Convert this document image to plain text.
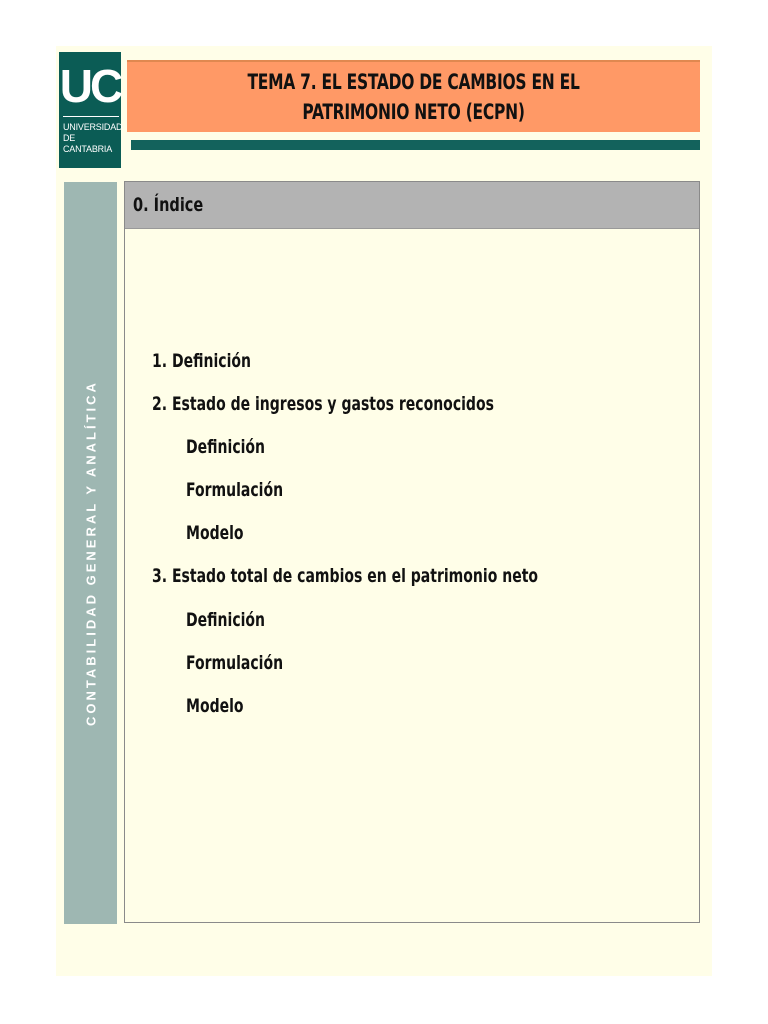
UC
UNIVERSIDAD
DE CANTABRIA
TEMA 7. EL ESTADO DE CAMBIOS EN EL
PATRIMONIO NETO (ECPN)
CONTABILIDAD GENERAL Y ANALÍTICA
0. Índice
1. Definición
2. Estado de ingresos y gastos reconocidos
Definición
Formulación
Modelo
3. Estado total de cambios en el patrimonio neto
Definición
Formulación
Modelo
